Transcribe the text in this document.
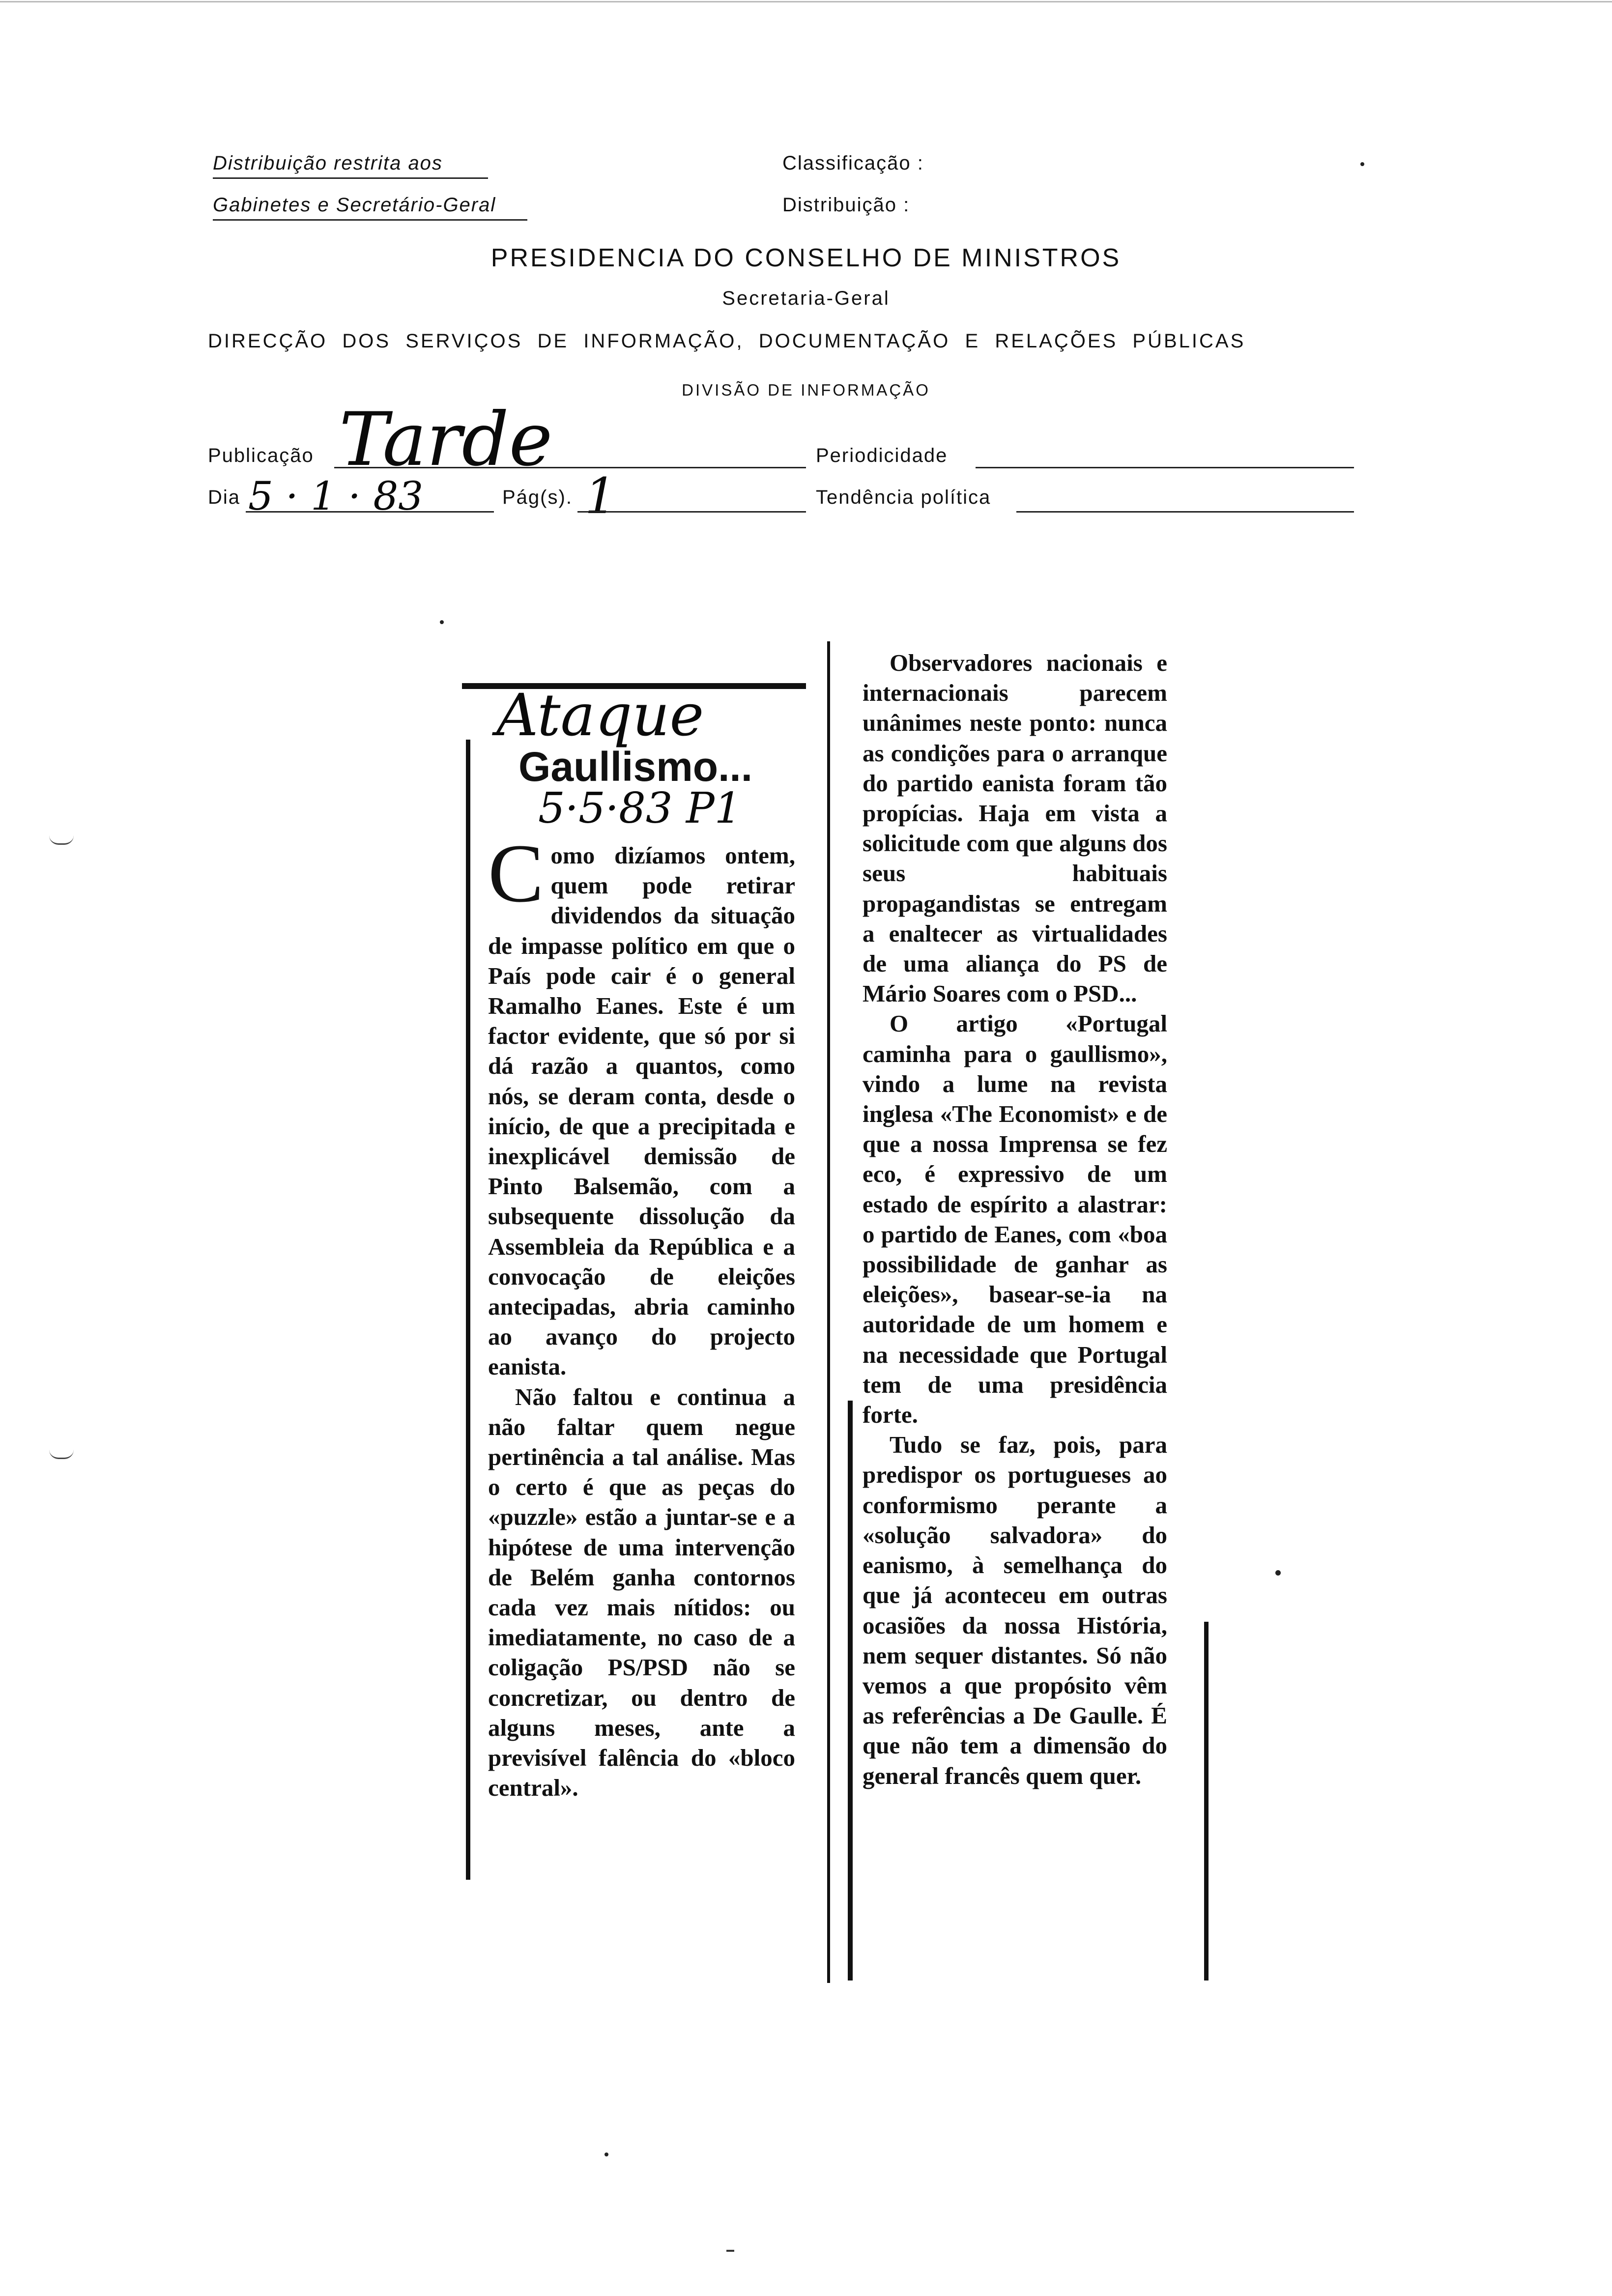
Distribuição restrita aos
Gabinetes e Secretário-Geral
Classificação :
Distribuição :
PRESIDENCIA DO CONSELHO DE MINISTROS
Secretaria-Geral
DIRECÇÃO  DOS  SERVIÇOS  DE  INFORMAÇÃO,  DOCUMENTAÇÃO  E  RELAÇÕES  PÚBLICAS
DIVISÃO DE INFORMAÇÃO
Publicação Tarde	Periodicidade
Dia 5 · 1 · 83	Pág(s). 1	Tendência política
Ataque
Gaullismo...
5·5·83 P1
C omo dizíamos ontem, quem pode retirar dividendos da situação de impasse político em que o País pode cair é o general Ramalho Eanes. Este é um factor evidente, que só por si dá razão a quantos, como nós, se deram conta, desde o início, de que a precipitada e inexplicável demissão de Pinto Balsemão, com a subsequente dissolução da Assembleia da República e a convocação de eleições antecipadas, abria caminho ao avanço do projecto eanista.

Não faltou e continua a não faltar quem negue pertinência a tal análise. Mas o certo é que as peças do «puzzle» estão a juntar-se e a hipótese de uma intervenção de Belém ganha contornos cada vez mais nítidos: ou imediatamente, no caso de a coligação PS/PSD não se concretizar, ou dentro de alguns meses, ante a previsível falência do «bloco central».

Observadores nacionais e internacionais parecem unânimes neste ponto: nunca as condições para o arranque do partido eanista foram tão propícias. Haja em vista a solicitude com que alguns dos seus habituais propagandistas se entregam a enaltecer as virtualidades de uma aliança do PS de Mário Soares com o PSD...

O artigo «Portugal caminha para o gaullismo», vindo a lume na revista inglesa «The Economist» e de que a nossa Imprensa se fez eco, é expressivo de um estado de espírito a alastrar: o partido de Eanes, com «boa possibilidade de ganhar as eleições», basear-se-ia na autoridade de um homem e na necessidade que Portugal tem de uma presidência forte.

Tudo se faz, pois, para predispor os portugueses ao conformismo perante a «solução salvadora» do eanismo, à semelhança do que já aconteceu em outras ocasiões da nossa História, nem sequer distantes. Só não vemos a que propósito vêm as referências a De Gaulle. É que não tem a dimensão do general francês quem quer.
